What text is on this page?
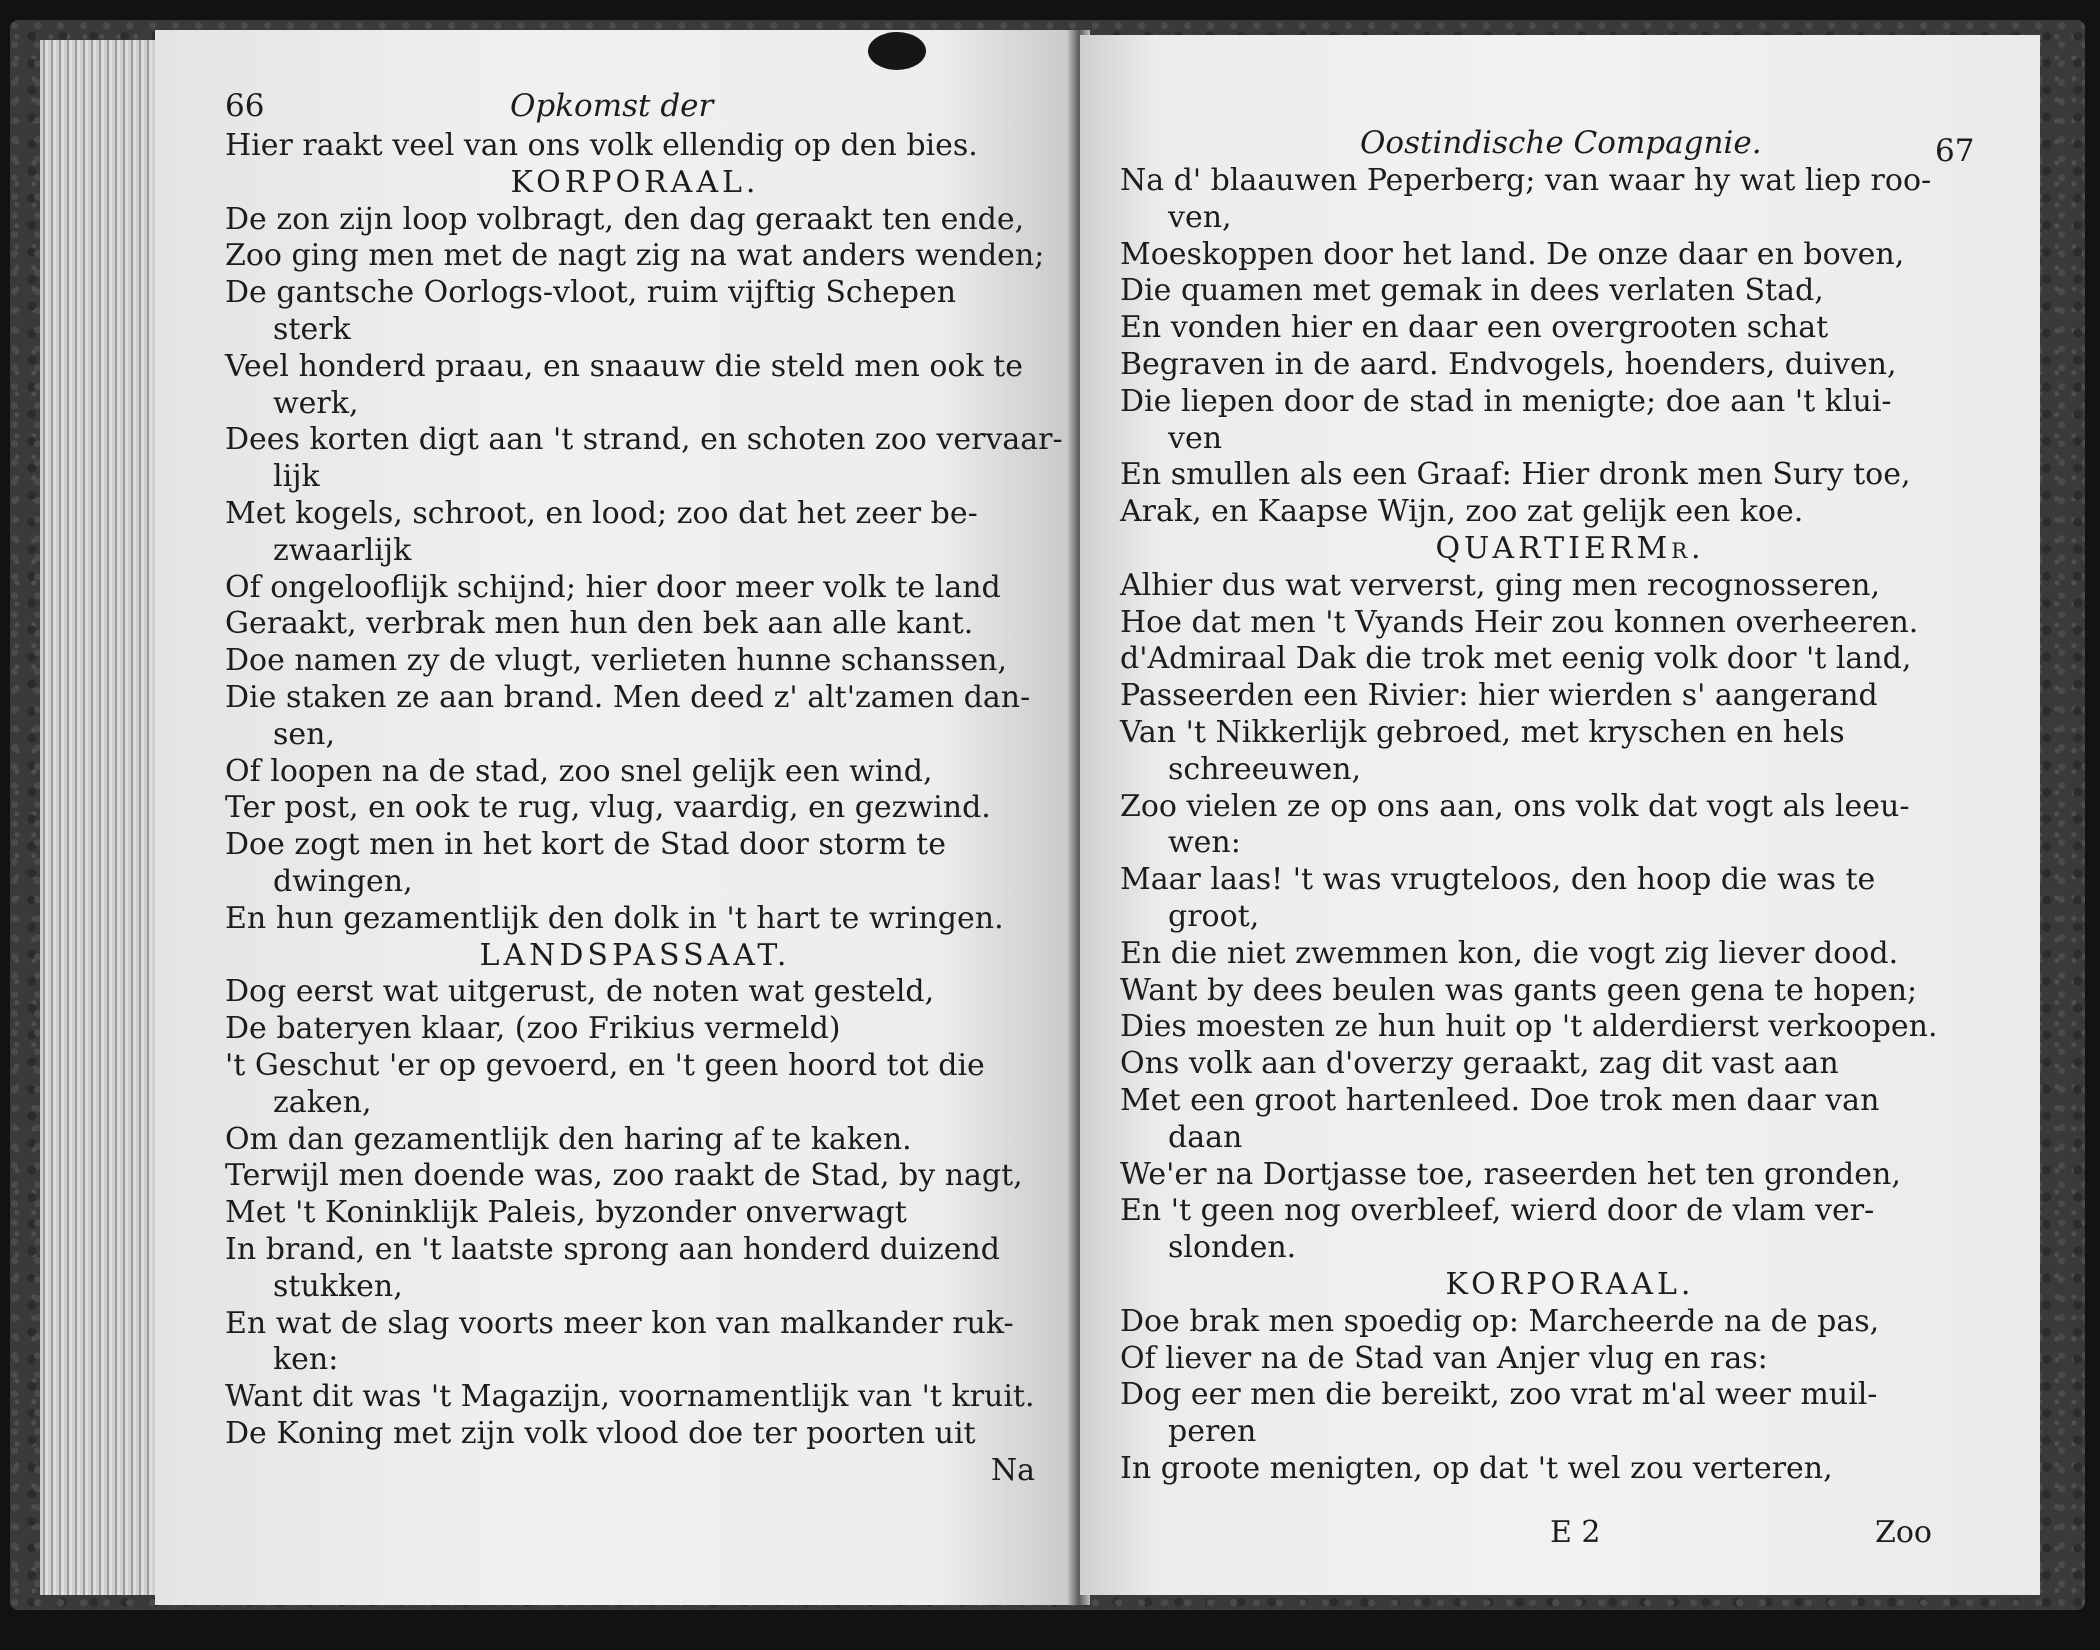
66	Opkomst der
Hier raakt veel van ons volk ellendig op den bies.
KORPORAAL.
De zon zijn loop volbragt, den dag geraakt ten ende,
Zoo ging men met de nagt zig na wat anders wenden;
De gantsche Oorlogs-vloot, ruim vijftig Schepen
sterk
Veel honderd praau, en snaauw die steld men ook te
werk,
Dees korten digt aan 't strand, en schoten zoo vervaar-
lijk
Met kogels, schroot, en lood; zoo dat het zeer be-
zwaarlijk
Of ongelooflijk schijnd; hier door meer volk te land
Geraakt, verbrak men hun den bek aan alle kant.
Doe namen zy de vlugt, verlieten hunne schanssen,
Die staken ze aan brand. Men deed z' alt'zamen dan-
sen,
Of loopen na de stad, zoo snel gelijk een wind,
Ter post, en ook te rug, vlug, vaardig, en gezwind.
Doe zogt men in het kort de Stad door storm te
dwingen,
En hun gezamentlijk den dolk in 't hart te wringen.
LANDSPASSAAT.
Dog eerst wat uitgerust, de noten wat gesteld,
De bateryen klaar, (zoo Frikius vermeld)
't Geschut 'er op gevoerd, en 't geen hoord tot die
zaken,
Om dan gezamentlijk den haring af te kaken.
Terwijl men doende was, zoo raakt de Stad, by nagt,
Met 't Koninklijk Paleis, byzonder onverwagt
In brand, en 't laatste sprong aan honderd duizend
stukken,
En wat de slag voorts meer kon van malkander ruk-
ken:
Want dit was 't Magazijn, voornamentlijk van 't kruit.
De Koning met zijn volk vlood doe ter poorten uit
Na
Oostindische Compagnie.	67
Na d' blaauwen Peperberg; van waar hy wat liep roo-
ven,
Moeskoppen door het land. De onze daar en boven,
Die quamen met gemak in dees verlaten Stad,
En vonden hier en daar een overgrooten schat
Begraven in de aard. Endvogels, hoenders, duiven,
Die liepen door de stad in menigte; doe aan 't klui-
ven
En smullen als een Graaf: Hier dronk men Sury toe,
Arak, en Kaapse Wijn, zoo zat gelijk een koe.
QUARTIERMr.
Alhier dus wat ververst, ging men recognosseren,
Hoe dat men 't Vyands Heir zou konnen overheeren.
d'Admiraal Dak die trok met eenig volk door 't land,
Passeerden een Rivier: hier wierden s' aangerand
Van 't Nikkerlijk gebroed, met kryschen en hels
schreeuwen,
Zoo vielen ze op ons aan, ons volk dat vogt als leeu-
wen:
Maar laas! 't was vrugteloos, den hoop die was te
groot,
En die niet zwemmen kon, die vogt zig liever dood.
Want by dees beulen was gants geen gena te hopen;
Dies moesten ze hun huit op 't alderdierst verkoopen.
Ons volk aan d'overzy geraakt, zag dit vast aan
Met een groot hartenleed. Doe trok men daar van
daan
We'er na Dortjasse toe, raseerden het ten gronden,
En 't geen nog overbleef, wierd door de vlam ver-
slonden.
KORPORAAL.
Doe brak men spoedig op: Marcheerde na de pas,
Of liever na de Stad van Anjer vlug en ras:
Dog eer men die bereikt, zoo vrat m'al weer muil-
peren
In groote menigten, op dat 't wel zou verteren,
E 2	Zoo
